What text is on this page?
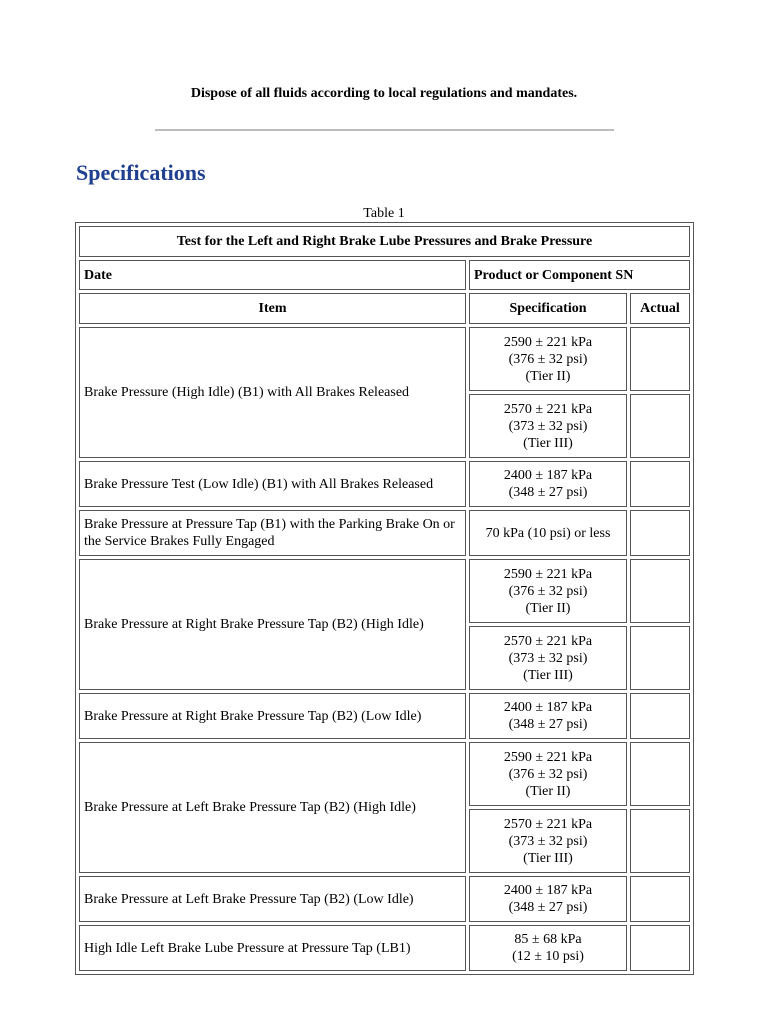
Dispose of all fluids according to local regulations and mandates.
Specifications
Table 1
Test for the Left and Right Brake Lube Pressures and Brake Pressure		
Date	Product or Component SN	
Item	Specification	Actual
Brake Pressure (High Idle) (B1) with All Brakes Released	2590 ± 221 kPa
(376 ± 32 psi)
(Tier II)	

	2570 ± 221 kPa
(373 ± 32 psi)
(Tier III)	

Brake Pressure Test (Low Idle) (B1) with All Brakes Released	2400 ± 187 kPa
(348 ± 27 psi)	

Brake Pressure at Pressure Tap (B1) with the Parking Brake On or the Service Brakes Fully Engaged	70 kPa (10 psi) or less	

Brake Pressure at Right Brake Pressure Tap (B2) (High Idle)	2590 ± 221 kPa
(376 ± 32 psi)
(Tier II)	

	2570 ± 221 kPa
(373 ± 32 psi)
(Tier III)	

Brake Pressure at Right Brake Pressure Tap (B2) (Low Idle)	2400 ± 187 kPa
(348 ± 27 psi)	

Brake Pressure at Left Brake Pressure Tap (B2) (High Idle)	2590 ± 221 kPa
(376 ± 32 psi)
(Tier II)	

	2570 ± 221 kPa
(373 ± 32 psi)
(Tier III)	

Brake Pressure at Left Brake Pressure Tap (B2) (Low Idle)	2400 ± 187 kPa
(348 ± 27 psi)	

High Idle Left Brake Lube Pressure at Pressure Tap (LB1)	85 ± 68 kPa
(12 ± 10 psi)	
